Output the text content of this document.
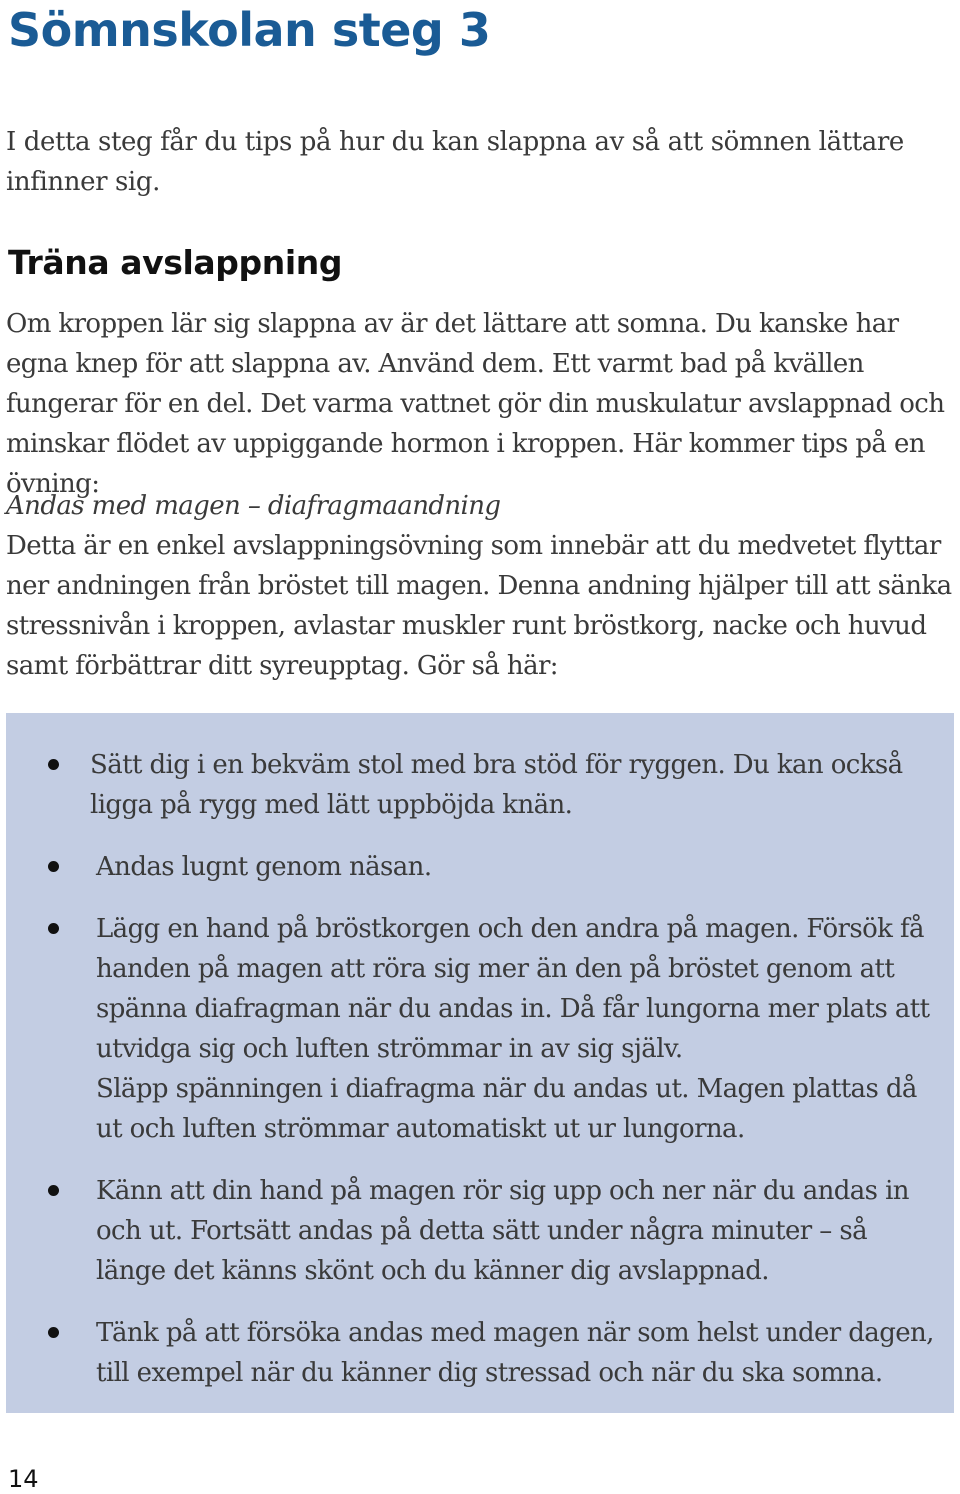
Sömnskolan steg 3

I detta steg får du tips på hur du kan slappna av så att sömnen lättare infinner sig.

Träna avslappning

Om kroppen lär sig slappna av är det lättare att somna. Du kanske har egna knep för att slappna av. Använd dem. Ett varmt bad på kvällen fungerar för en del. Det varma vattnet gör din muskulatur avslappnad och minskar flödet av uppiggande hormon i kroppen. Här kommer tips på en övning:

Andas med magen – diafragmaandning
Detta är en enkel avslappningsövning som innebär att du medvetet flyttar ner andningen från bröstet till magen. Denna andning hjälper till att sänka stressnivån i kroppen, avlastar muskler runt bröstkorg, nacke och huvud samt förbättrar ditt syreupptag. Gör så här:
Sätt dig i en bekväm stol med bra stöd för ryggen. Du kan också ligga på rygg med lätt uppböjda knän.
Andas lugnt genom näsan.
Lägg en hand på bröstkorgen och den andra på magen. Försök få handen på magen att röra sig mer än den på bröstet genom att spänna diafragman när du andas in. Då får lungorna mer plats att utvidga sig och luften strömmar in av sig själv.
Släpp spänningen i diafragma när du andas ut. Magen plattas då ut och luften strömmar automatiskt ut ur lungorna.
Känn att din hand på magen rör sig upp och ner när du andas in och ut. Fortsätt andas på detta sätt under några minuter – så länge det känns skönt och du känner dig avslappnad.
Tänk på att försöka andas med magen när som helst under dagen, till exempel när du känner dig stressad och när du ska somna.

14
